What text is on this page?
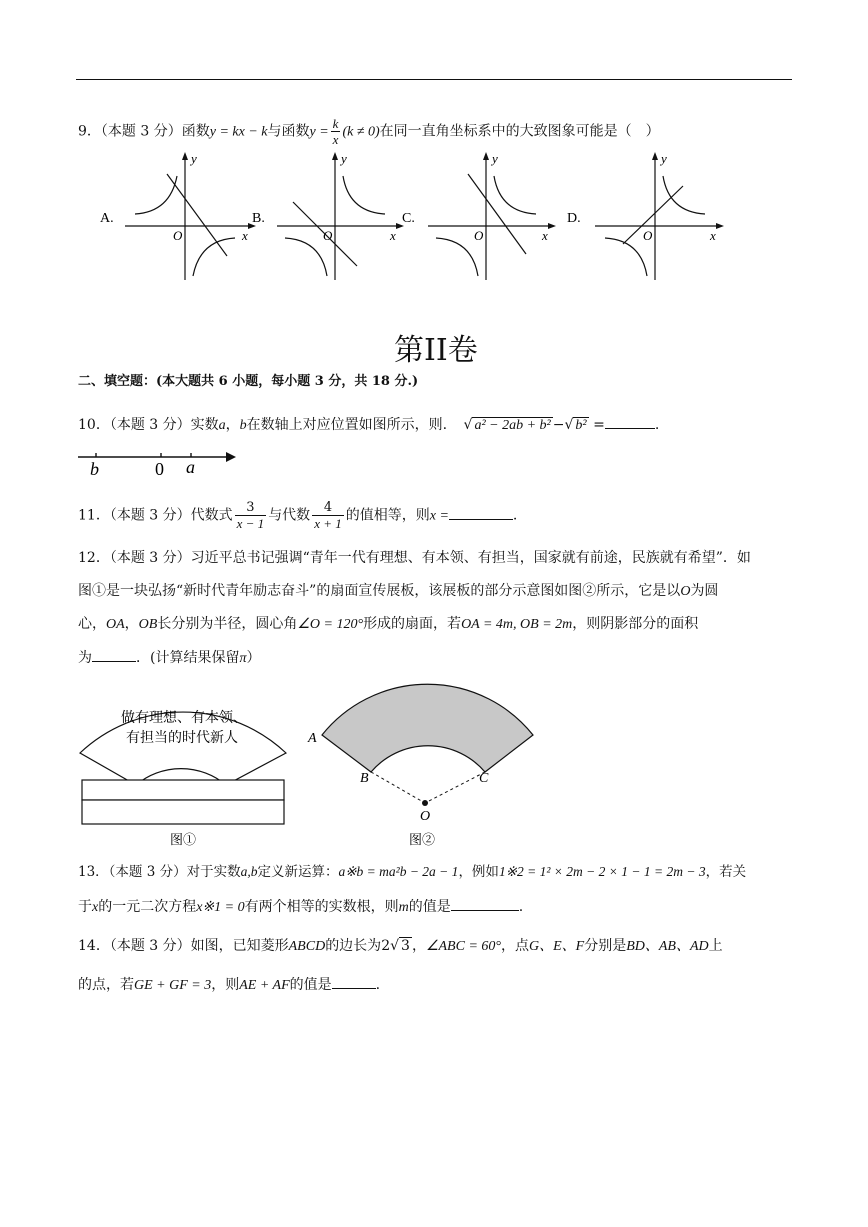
9．（本题 3 分）函数y = kx − k与函数$y = \frac{k}{x} (k \ne 0)$在同一直角坐标系中的大致图象可能是（　）
A.
x
y
O
B.
x
y
O
C.
x
y
O
D.
x
y
O
第II卷
二、填空题：(本大题共 6 小题，每小题 3 分，共 18 分.)
10．（本题 3 分）实数a，b在数轴上对应位置如图所示，则. √ a² − 2ab + b² −√ b² =	.
b	0 a
11．（本题 3 分）代数式 $\frac{3}{x - 1}$ 与代数 $\frac{4}{x + 1}$ 的值相等，则x =	.
12．（本题 3 分）习近平总书记强调“青年一代有理想、有本领、有担当，国家就有前途，民族就有希望”．如
图①是一块弘扬“新时代青年励志奋斗”的扇面宣传展板，该展板的部分示意图如图②所示，它是以O为圆
心，OA，OB长分别为半径，圆心角∠O = 120°形成的扇面，若OA = 4m, OB = 2m，则阴影部分的面积
为	．(计算结果保留π）
做有理想、有本领、
有担当的时代新人
图①
A
B	C
O
图②
13．（本题 3 分）对于实数a,b定义新运算：a※b = ma²b − 2a − 1，例如1※2 = 1² × 2m − 2 × 1 − 1 = 2m − 3，若关
于x的一元二次方程x※1 = 0有两个相等的实数根，则m的值是	.
14．（本题 3 分）如图，已知菱形ABCD的边长为2√ 3 ，∠ABC = 60°，点G、E、F分别是BD、AB、AD上
的点，若GE + GF = 3，则AE + AF的值是	.
